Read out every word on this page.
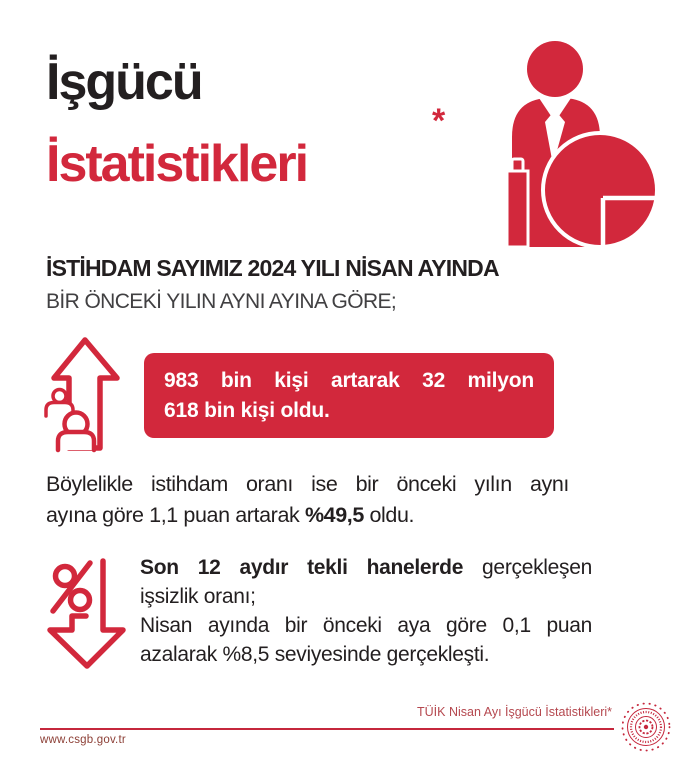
İşgücü
İstatistikleri
*
İSTİHDAM SAYIMIZ 2024 YILI NİSAN AYINDA
BİR ÖNCEKİ YILIN AYNI AYINA GÖRE;
983 bin kişi artarak 32 milyon
618 bin kişi oldu.
Böylelikle istihdam oranı ise bir önceki yılın aynı
ayına göre 1,1 puan artarak %49,5 oldu.
Son 12 aydır tekli hanelerde gerçekleşen
işsizlik oranı;
Nisan ayında bir önceki aya göre 0,1 puan
azalarak %8,5 seviyesinde gerçekleşti.
TÜİK Nisan Ayı İşgücü İstatistikleri*
www.csgb.gov.tr
